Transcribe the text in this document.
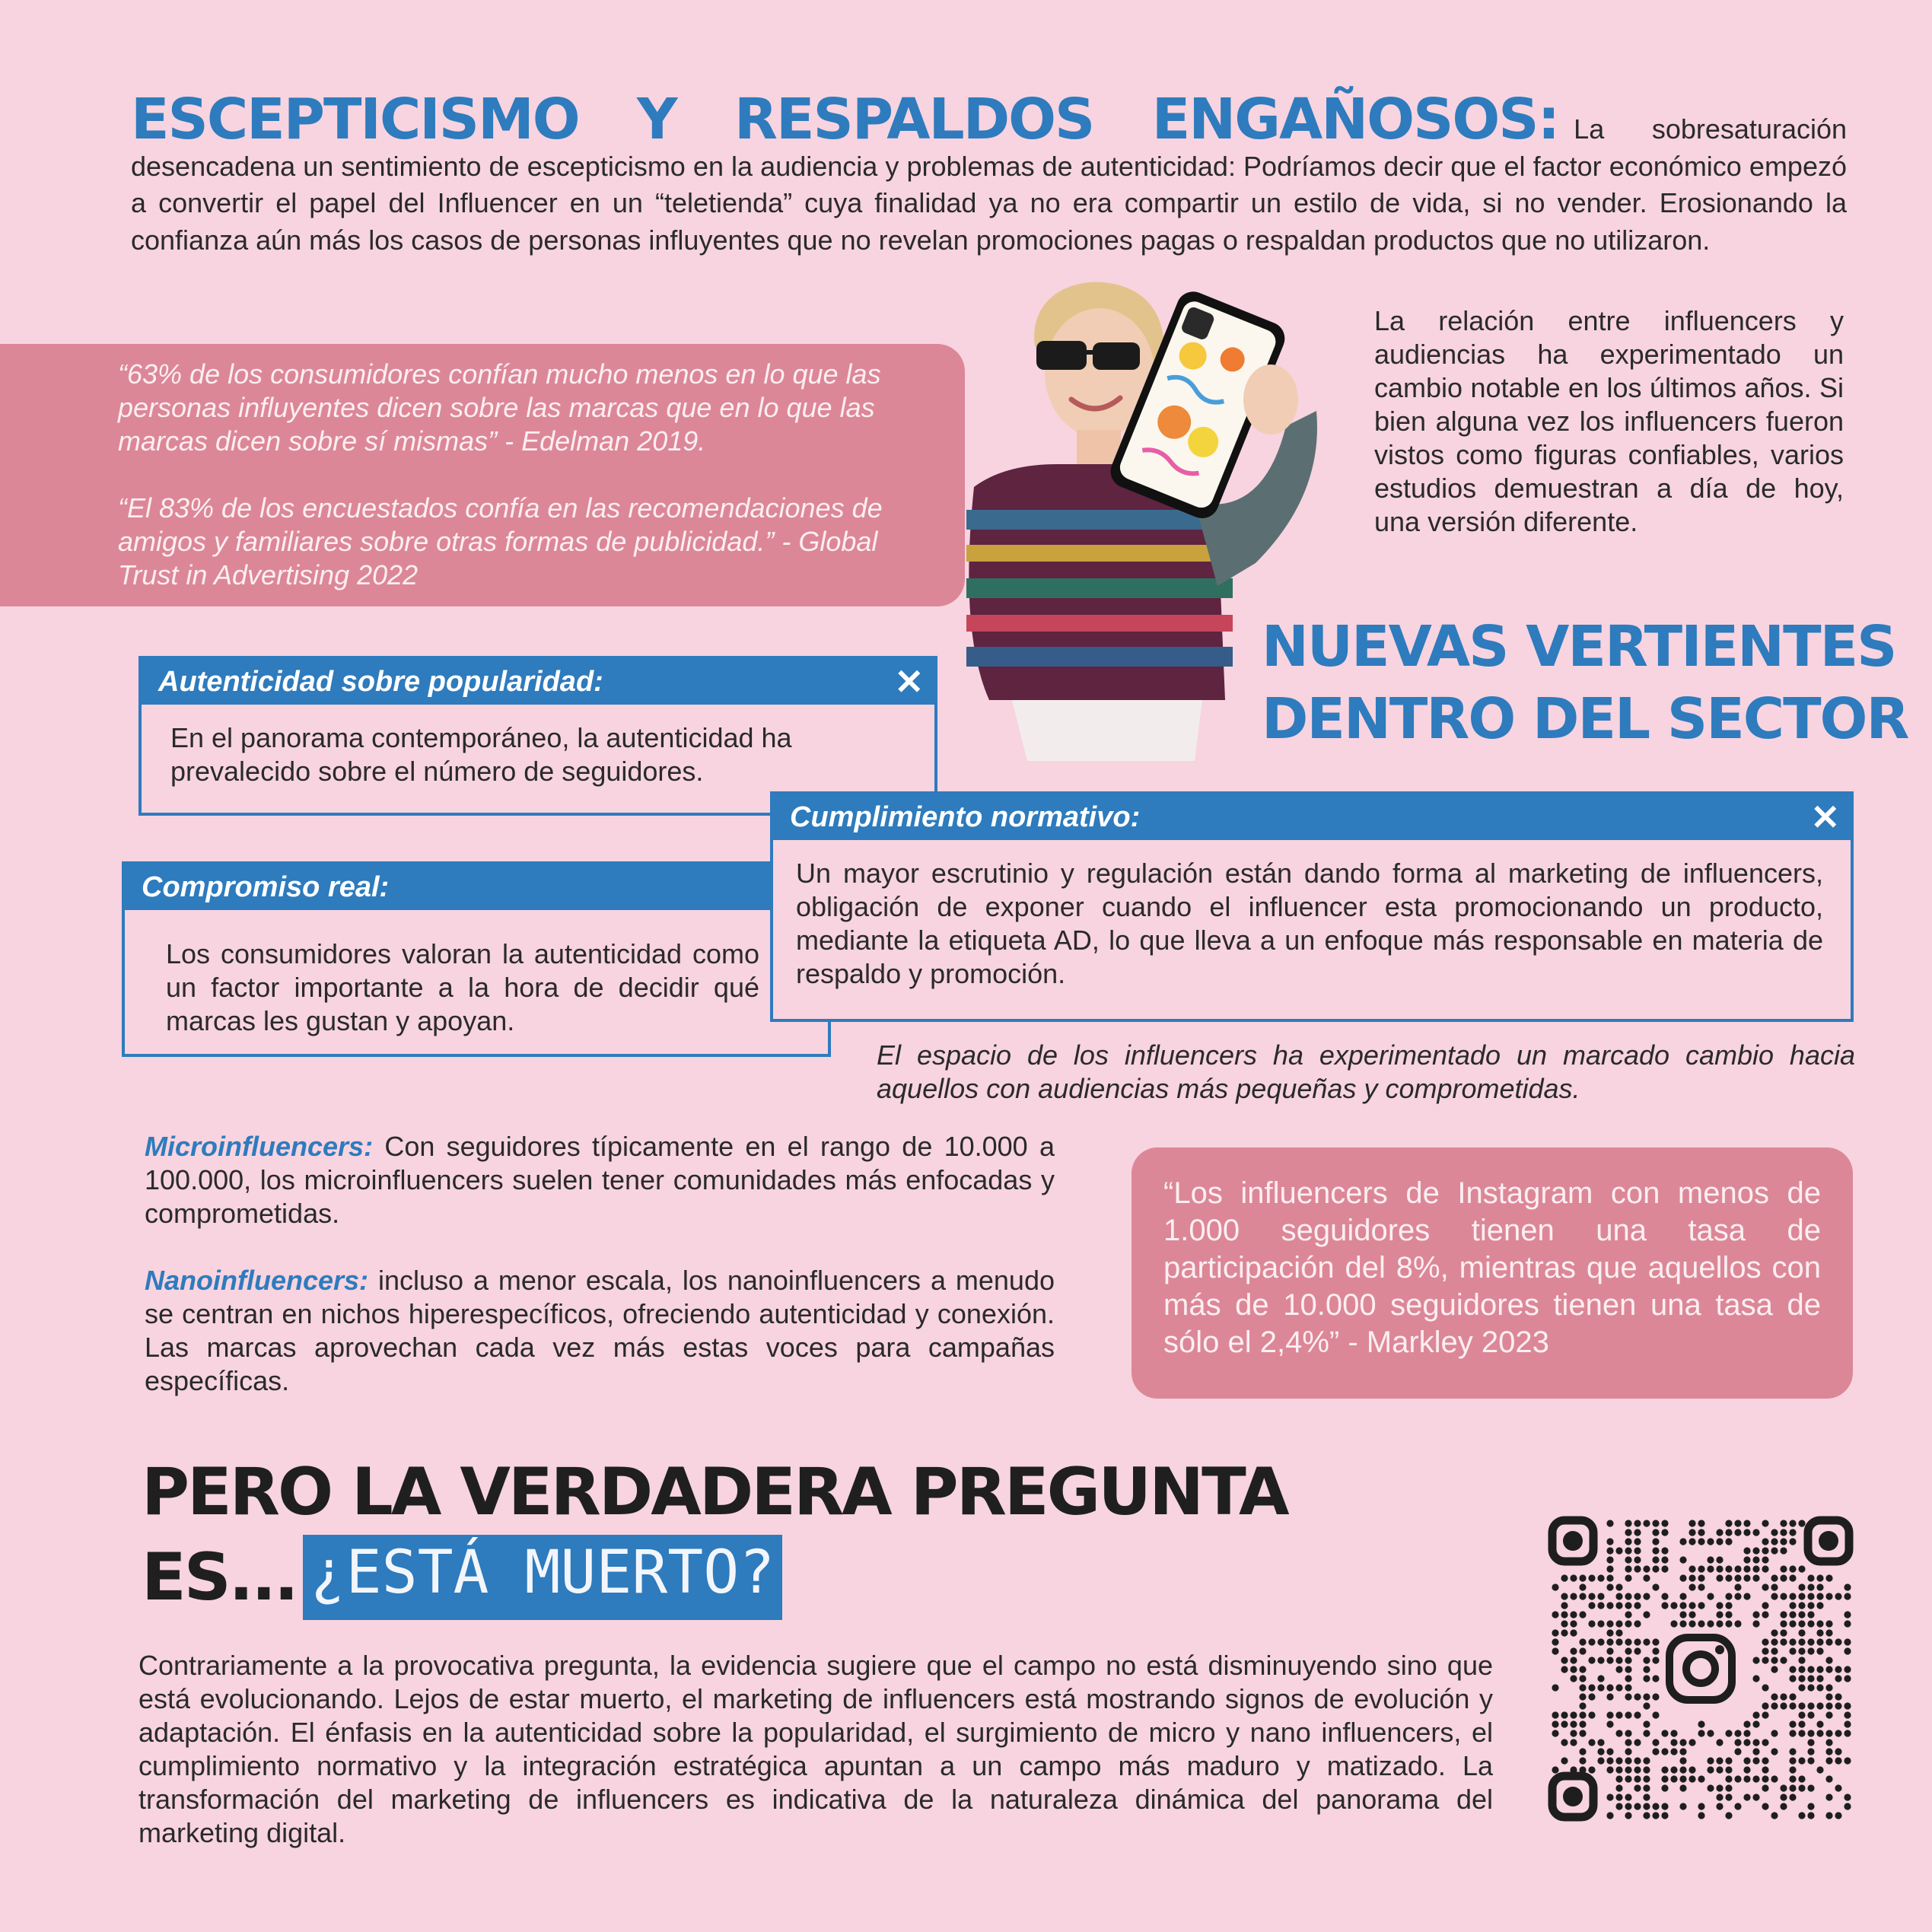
ESCEPTICISMO Y RESPALDOS ENGAÑOSOS: La sobresaturación desencadena un sentimiento de escepticismo en la audiencia y problemas de autenticidad: Podríamos decir que el factor económico empezó a convertir el papel del Influencer en un “teletienda” cuya finalidad ya no era compartir un estilo de vida, si no vender. Erosionando la confianza aún más los casos de personas influyentes que no revelan promociones pagas o respaldan productos que no utilizaron.

“63% de los consumidores confían mucho menos en lo que las personas influyentes dicen sobre las marcas que en lo que las marcas dicen sobre sí mismas” - Edelman 2019.

“El 83% de los encuestados confía en las recomendaciones de amigos y familiares sobre otras formas de publicidad.” - Global Trust in Advertising 2022

La relación entre influencers y audiencias ha experimentado un cambio notable en los últimos años. Si bien alguna vez los influencers fueron vistos como figuras confiables, varios estudios demuestran a día de hoy, una versión diferente.
NUEVAS VERTIENTES
DENTRO DEL SECTOR
Autenticidad sobre popularidad:	✕
En el panorama contemporáneo, la autenticidad ha prevalecido sobre el número de seguidores.
Compromiso real:
Los consumidores valoran la autenticidad como un factor importante a la hora de decidir qué marcas les gustan y apoyan.
Cumplimiento normativo:	✕
Un mayor escrutinio y regulación están dando forma al marketing de influencers, obligación de exponer cuando el influencer esta promocionando un producto, mediante la etiqueta AD, lo que lleva a un enfoque más responsable en materia de respaldo y promoción.
El espacio de los influencers ha experimentado un marcado cambio hacia aquellos con audiencias más pequeñas y comprometidas.

Microinfluencers: Con seguidores típicamente en el rango de 10.000 a 100.000, los microinfluencers suelen tener comunidades más enfocadas y comprometidas.

Nanoinfluencers: incluso a menor escala, los nanoinfluencers a menudo se centran en nichos hiperespecíficos, ofreciendo autenticidad y conexión. Las marcas aprovechan cada vez más estas voces para campañas específicas.

“Los influencers de Instagram con menos de 1.000 seguidores tienen una tasa de participación del 8%, mientras que aquellos con más de 10.000 seguidores tienen una tasa de sólo el 2,4%” - Markley 2023
PERO LA VERDADERA PREGUNTA
ES... ¿ESTÁ MUERTO?
Contrariamente a la provocativa pregunta, la evidencia sugiere que el campo no está disminuyendo sino que está evolucionando. Lejos de estar muerto, el marketing de influencers está mostrando signos de evolución y adaptación. El énfasis en la autenticidad sobre la popularidad, el surgimiento de micro y nano influencers, el cumplimiento normativo y la integración estratégica apuntan a un campo más maduro y matizado. La transformación del marketing de influencers es indicativa de la naturaleza dinámica del panorama del marketing digital.
